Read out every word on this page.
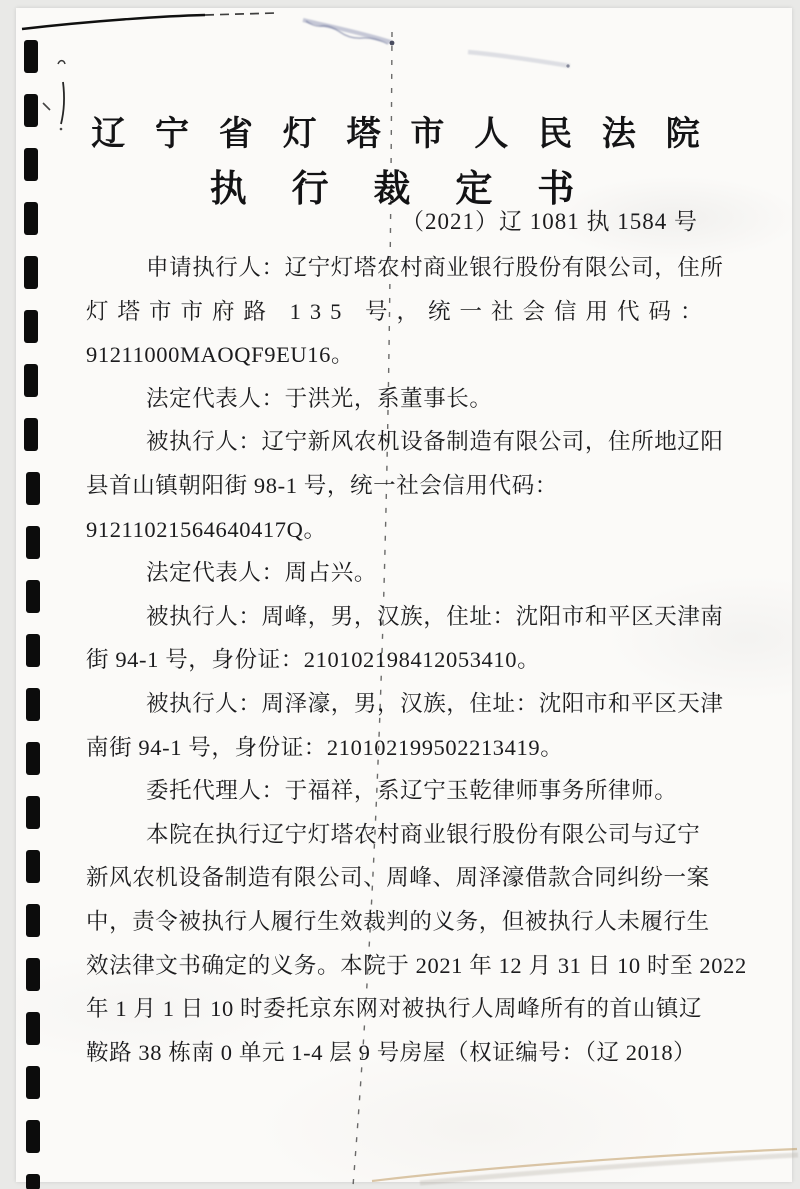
辽 宁 省 灯 塔 市 人 民 法 院
执 行 裁 定 书
（2021）辽 1081 执 1584 号
申请执行人：辽宁灯塔农村商业银行股份有限公司，住所
灯塔市市府路 135 号，统一社会信用代码：
91211000MAOQF9EU16。
法定代表人：于洪光，系董事长。
被执行人：辽宁新风农机设备制造有限公司，住所地辽阳
县首山镇朝阳街 98-1 号，统一社会信用代码：
91211021564640417Q。
法定代表人：周占兴。
被执行人：周峰，男，汉族，住址：沈阳市和平区天津南
街 94-1 号，身份证：210102198412053410。
被执行人：周泽濠，男，汉族，住址：沈阳市和平区天津
南街 94-1 号，身份证：210102199502213419。
委托代理人：于福祥，系辽宁玉乾律师事务所律师。
本院在执行辽宁灯塔农村商业银行股份有限公司与辽宁
新风农机设备制造有限公司、周峰、周泽濠借款合同纠纷一案
中，责令被执行人履行生效裁判的义务，但被执行人未履行生
效法律文书确定的义务。本院于 2021 年 12 月 31 日 10 时至 2022
年 1 月 1 日 10 时委托京东网对被执行人周峰所有的首山镇辽
鞍路 38 栋南 0 单元 1-4 层 9 号房屋（权证编号：（辽 2018）
